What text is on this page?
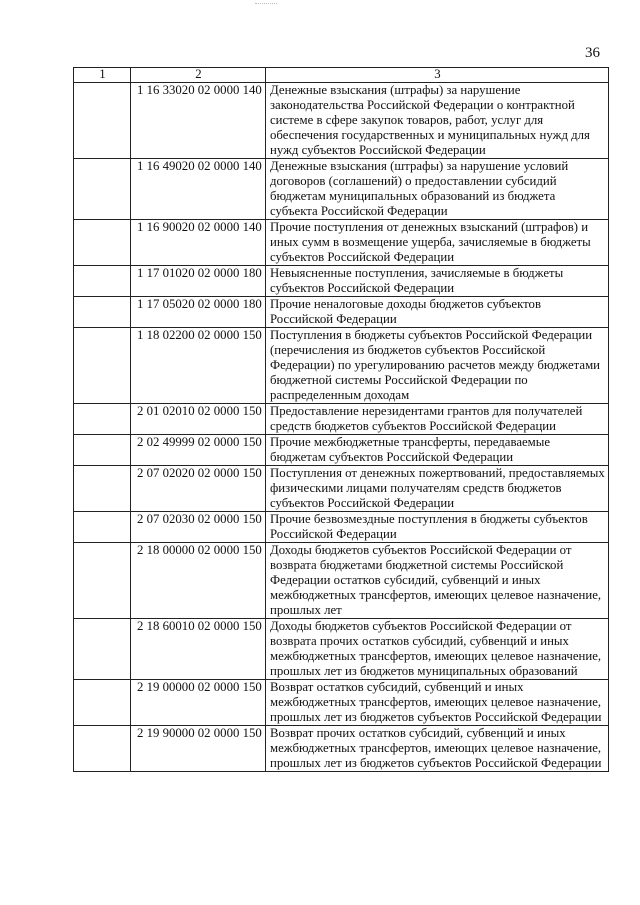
36
1	2	3
	1 16 33020 02 0000 140	Денежные взыскания (штрафы) за нарушение законодательства Российской Федерации о контрактной системе в сфере закупок товаров, работ, услуг для обеспечения государственных и муниципальных нужд для нужд субъектов Российской Федерации
	1 16 49020 02 0000 140	Денежные взыскания (штрафы) за нарушение условий договоров (соглашений) о предоставлении субсидий бюджетам муниципальных образований из бюджета субъекта Российской Федерации
	1 16 90020 02 0000 140	Прочие поступления от денежных взысканий (штрафов) и иных сумм в возмещение ущерба, зачисляемые в бюджеты субъектов Российской Федерации
	1 17 01020 02 0000 180	Невыясненные поступления, зачисляемые в бюджеты субъектов Российской Федерации
	1 17 05020 02 0000 180	Прочие неналоговые доходы бюджетов субъектов Российской Федерации
	1 18 02200 02 0000 150	Поступления в бюджеты субъектов Российской Федерации (перечисления из бюджетов субъектов Российской Федерации) по урегулированию расчетов между бюджетами бюджетной системы Российской Федерации по распределенным доходам
	2 01 02010 02 0000 150	Предоставление нерезидентами грантов для получателей средств бюджетов субъектов Российской Федерации
	2 02 49999 02 0000 150	Прочие межбюджетные трансферты, передаваемые бюджетам субъектов Российской Федерации
	2 07 02020 02 0000 150	Поступления от денежных пожертвований, предоставляемых физическими лицами получателям средств бюджетов субъектов Российской Федерации
	2 07 02030 02 0000 150	Прочие безвозмездные поступления в бюджеты субъектов Российской Федерации
	2 18 00000 02 0000 150	Доходы бюджетов субъектов Российской Федерации от возврата бюджетами бюджетной системы Российской Федерации остатков субсидий, субвенций и иных межбюджетных трансфертов, имеющих целевое назначение, прошлых лет
	2 18 60010 02 0000 150	Доходы бюджетов субъектов Российской Федерации от возврата прочих остатков субсидий, субвенций и иных межбюджетных трансфертов, имеющих целевое назначение, прошлых лет из бюджетов муниципальных образований
	2 19 00000 02 0000 150	Возврат остатков субсидий, субвенций и иных межбюджетных трансфертов, имеющих целевое назначение, прошлых лет из бюджетов субъектов Российской Федерации
	2 19 90000 02 0000 150	Возврат прочих остатков субсидий, субвенций и иных межбюджетных трансфертов, имеющих целевое назначение, прошлых лет из бюджетов субъектов Российской Федерации
